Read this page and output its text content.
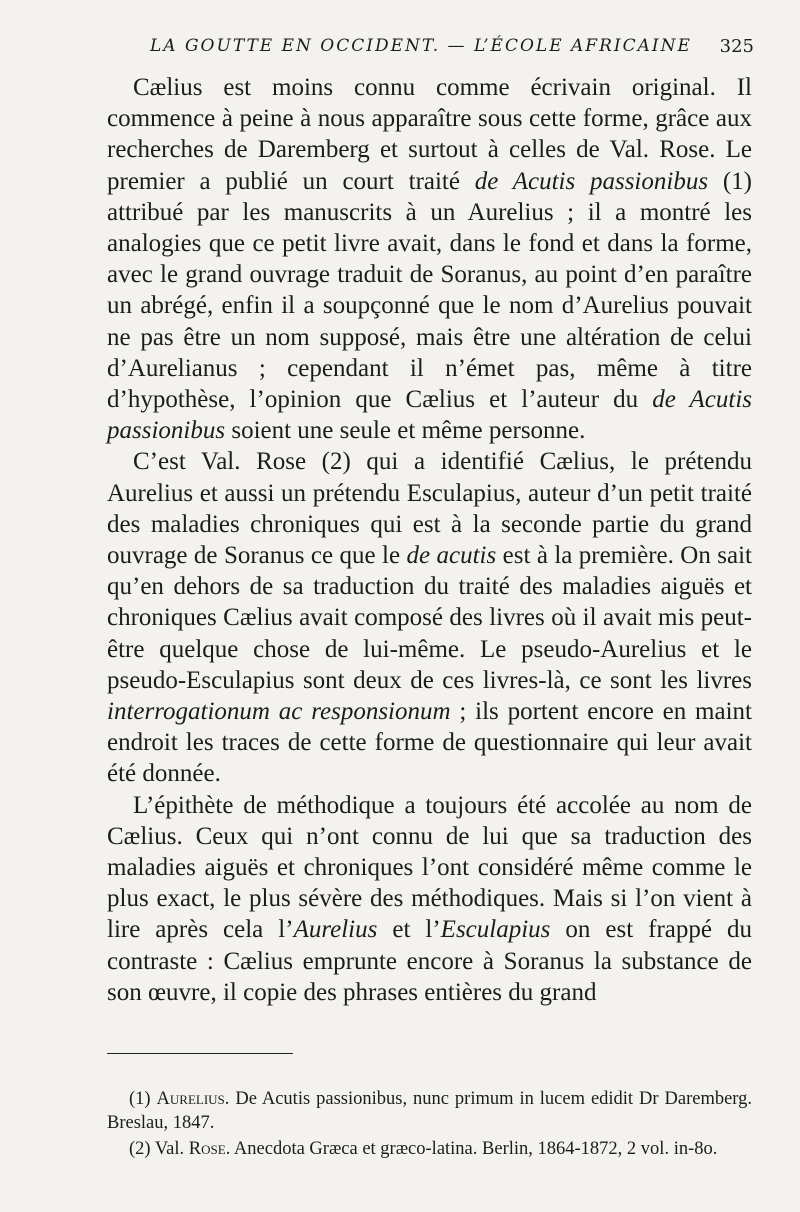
LA GOUTTE EN OCCIDENT. — L’ÉCOLE AFRICAINE 325

Cælius est moins connu comme écrivain original. Il commence à peine à nous apparaître sous cette forme, grâce aux recherches de Daremberg et surtout à celles de Val. Rose. Le premier a publié un court traité de Acutis passionibus (1) attribué par les manuscrits à un Aurelius ; il a montré les analogies que ce petit livre avait, dans le fond et dans la forme, avec le grand ouvrage traduit de Soranus, au point d’en paraître un abrégé, enfin il a soupçonné que le nom d’Aurelius pouvait ne pas être un nom supposé, mais être une altération de celui d’Aurelianus ; cependant il n’émet pas, même à titre d’hypothèse, l’opinion que Cælius et l’auteur du de Acutis passionibus soient une seule et même personne.

C’est Val. Rose (2) qui a identifié Cælius, le prétendu Aurelius et aussi un prétendu Esculapius, auteur d’un petit traité des maladies chroniques qui est à la seconde partie du grand ouvrage de Soranus ce que le de acutis est à la première. On sait qu’en dehors de sa traduction du traité des maladies aiguës et chroniques Cælius avait composé des livres où il avait mis peut-être quelque chose de lui-même. Le pseudo-Aurelius et le pseudo-Esculapius sont deux de ces livres-là, ce sont les livres interrogationum ac responsionum ; ils portent encore en maint endroit les traces de cette forme de questionnaire qui leur avait été donnée.

L’épithète de méthodique a toujours été accolée au nom de Cælius. Ceux qui n’ont connu de lui que sa traduction des maladies aiguës et chroniques l’ont considéré même comme le plus exact, le plus sévère des méthodiques. Mais si l’on vient à lire après cela l’Aurelius et l’Esculapius on est frappé du contraste : Cælius emprunte encore à Soranus la substance de son œuvre, il copie des phrases entières du grand

(1) Aurelius. De Acutis passionibus, nunc primum in lucem edidit Dr Daremberg. Breslau, 1847.

(2) Val. Rose. Anecdota Græca et græco-latina. Berlin, 1864-1872, 2 vol. in-8o.
